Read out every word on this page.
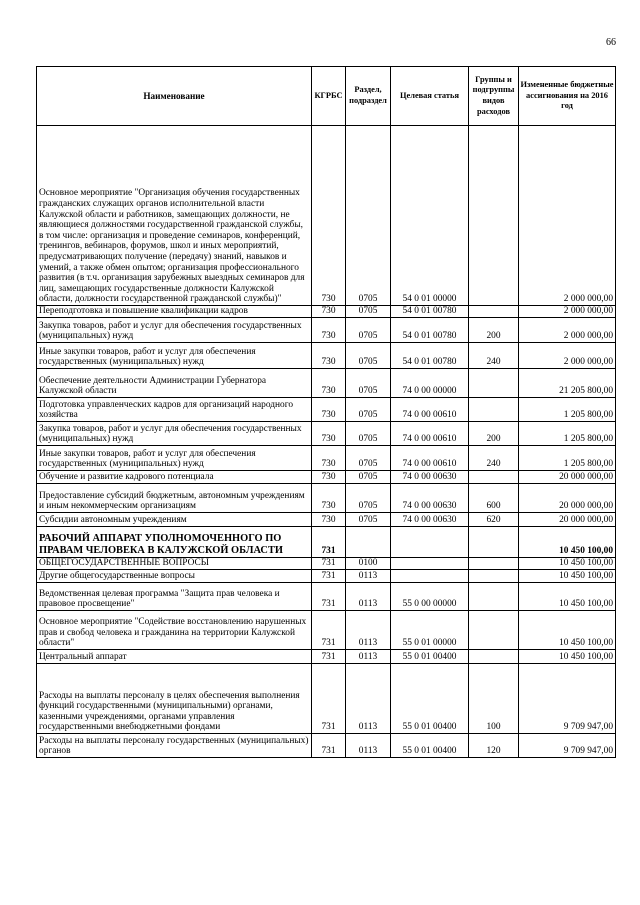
66
Наименование	КГРБС	Раздел, подраздел	Целевая статья	Группы и подгруппы видов расходов	Измененные бюджетные ассигнования на 2016 год
Основное мероприятие "Организация обучения государственных гражданских служащих органов исполнительной власти Калужской области и работников, замещающих должности, не являющиеся должностями государственной гражданской службы, в том числе: организация и проведение семинаров, конференций, тренингов, вебинаров, форумов, школ и иных мероприятий, предусматривающих получение (передачу) знаний, навыков и умений, а также обмен опытом; организация профессионального развития (в т.ч. организация зарубежных выездных семинаров для лиц, замещающих государственные должности Калужской области, должности государственной гражданской службы)"	730	0705	54 0 01 00000		2 000 000,00
Переподготовка и повышение квалификации кадров	730	0705	54 0 01 00780		2 000 000,00
Закупка товаров, работ и услуг для обеспечения государственных (муниципальных) нужд	730	0705	54 0 01 00780	200	2 000 000,00
Иные закупки товаров, работ и услуг для обеспечения государственных (муниципальных) нужд	730	0705	54 0 01 00780	240	2 000 000,00
Обеспечение деятельности Администрации Губернатора Калужской области	730	0705	74 0 00 00000		21 205 800,00
Подготовка управленческих кадров для организаций народного хозяйства	730	0705	74 0 00 00610		1 205 800,00
Закупка товаров, работ и услуг для обеспечения государственных (муниципальных) нужд	730	0705	74 0 00 00610	200	1 205 800,00
Иные закупки товаров, работ и услуг для обеспечения государственных (муниципальных) нужд	730	0705	74 0 00 00610	240	1 205 800,00
Обучение и развитие кадрового потенциала	730	0705	74 0 00 00630		20 000 000,00
Предоставление субсидий бюджетным, автономным учреждениям и иным некоммерческим организациям	730	0705	74 0 00 00630	600	20 000 000,00
Субсидии автономным учреждениям	730	0705	74 0 00 00630	620	20 000 000,00
РАБОЧИЙ АППАРАТ УПОЛНОМОЧЕННОГО ПО ПРАВАМ ЧЕЛОВЕКА В КАЛУЖСКОЙ ОБЛАСТИ	731				10 450 100,00
ОБЩЕГОСУДАРСТВЕННЫЕ ВОПРОСЫ	731	0100			10 450 100,00
Другие общегосударственные вопросы	731	0113			10 450 100,00
Ведомственная целевая программа "Защита прав человека и правовое просвещение"	731	0113	55 0 00 00000		10 450 100,00
Основное мероприятие "Содействие восстановлению нарушенных прав и свобод человека и гражданина на территории Калужской области"	731	0113	55 0 01 00000		10 450 100,00
Центральный аппарат	731	0113	55 0 01 00400		10 450 100,00
Расходы на выплаты персоналу в целях обеспечения выполнения функций государственными (муниципальными) органами, казенными учреждениями, органами управления государственными внебюджетными фондами	731	0113	55 0 01 00400	100	9 709 947,00
Расходы на выплаты персоналу государственных (муниципальных) органов	731	0113	55 0 01 00400	120	9 709 947,00
